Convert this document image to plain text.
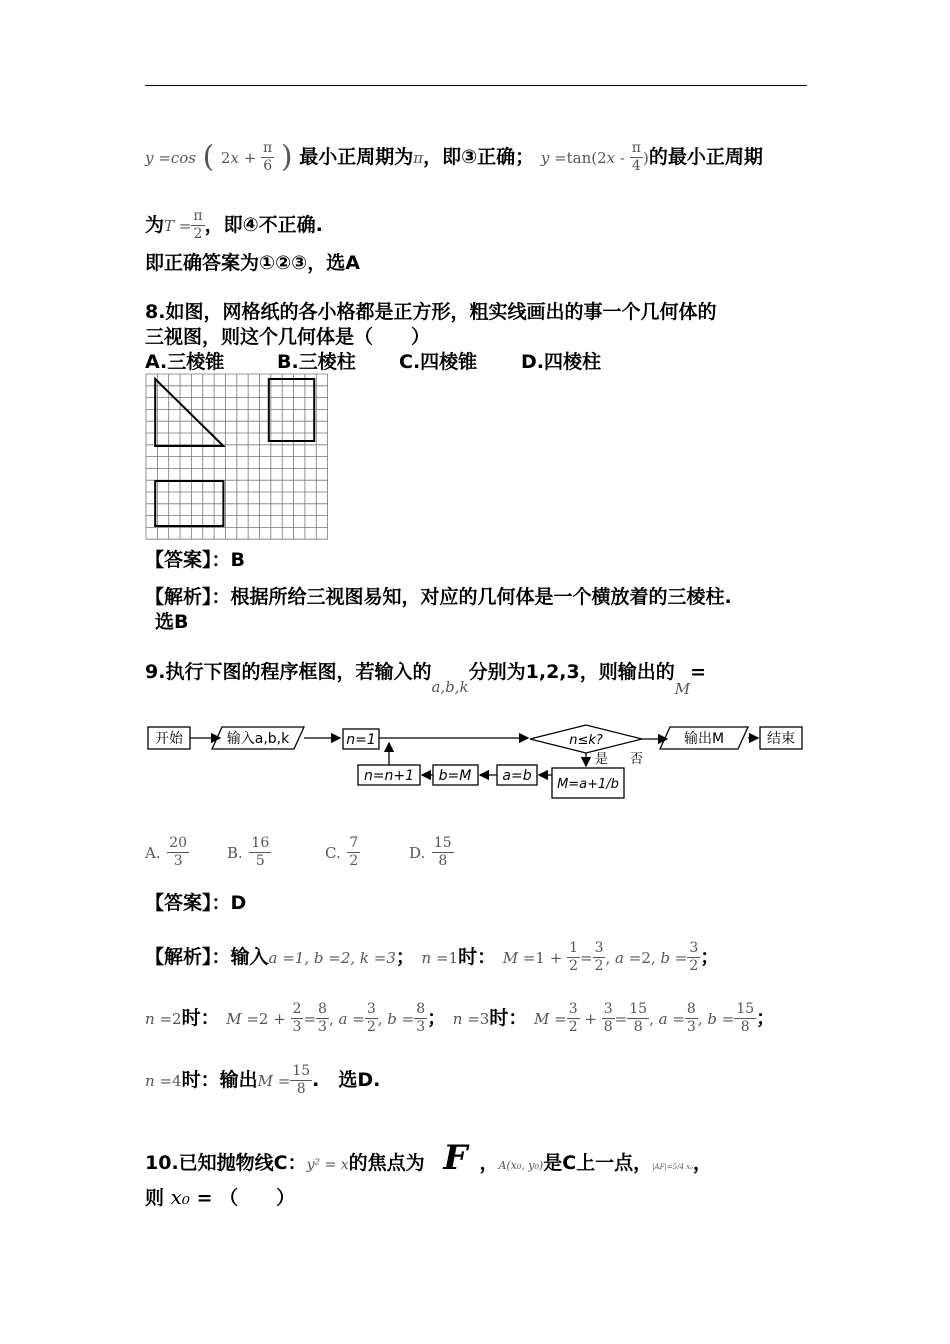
y =cos ( $2x + \frac{\pi}{6}$ ) 最小正周期为π，即③正确； $y =\tan(2x - \frac{\pi}{4}$ )的最小正周期
为$T = \frac{\pi}{2}$ ，即④不正确.
即正确答案为①②③，选A
8.如图，网格纸的各小格都是正方形，粗实线画出的事一个几何体的
三视图，则这个几何体是（　　）
A.三棱锥	B.三棱柱 C.四棱锥 D.四棱柱
【答案】：B
【解析】：根据所给三视图易知，对应的几何体是一个横放着的三棱柱.
选B
9.执行下图的程序框图，若输入的$_{a,b,k}$分别为1,2,3，则输出的$_M$=
开始	输入a,b,k	n=1	n≤k?
是 否
输出M	结束
M=a+1/b
a=b
b=M
n=n+1
A. $\frac{20}{3}$	B. $\frac{16}{5}$	C. $\frac{7}{2}$	D. $\frac{15}{8}$
【答案】：D
【解析】：输入a =1, b =2, k =3； n =1时： $M =1 + \frac{1}{2} = \frac{3}{2}$ , a =2, $b = \frac{3}{2}$ ；
n =2时： $M =2 + \frac{2}{3} = \frac{8}{3}$ , $a = \frac{3}{2}$ , $b = \frac{8}{3}$ ； n =3时： $M = \frac{3}{2} + \frac{3}{8} = \frac{15}{8}$ , $a = \frac{8}{3}$ , $b = \frac{15}{8}$ ；
n =4时：输出$M = \frac{15}{8}$ .　选D.
10.已知抛物线C：y² = x的焦点为 F ，A(x₀, y₀)是C上一点，|AF|=5/4 x₀，
则 x₀ = （　　）
